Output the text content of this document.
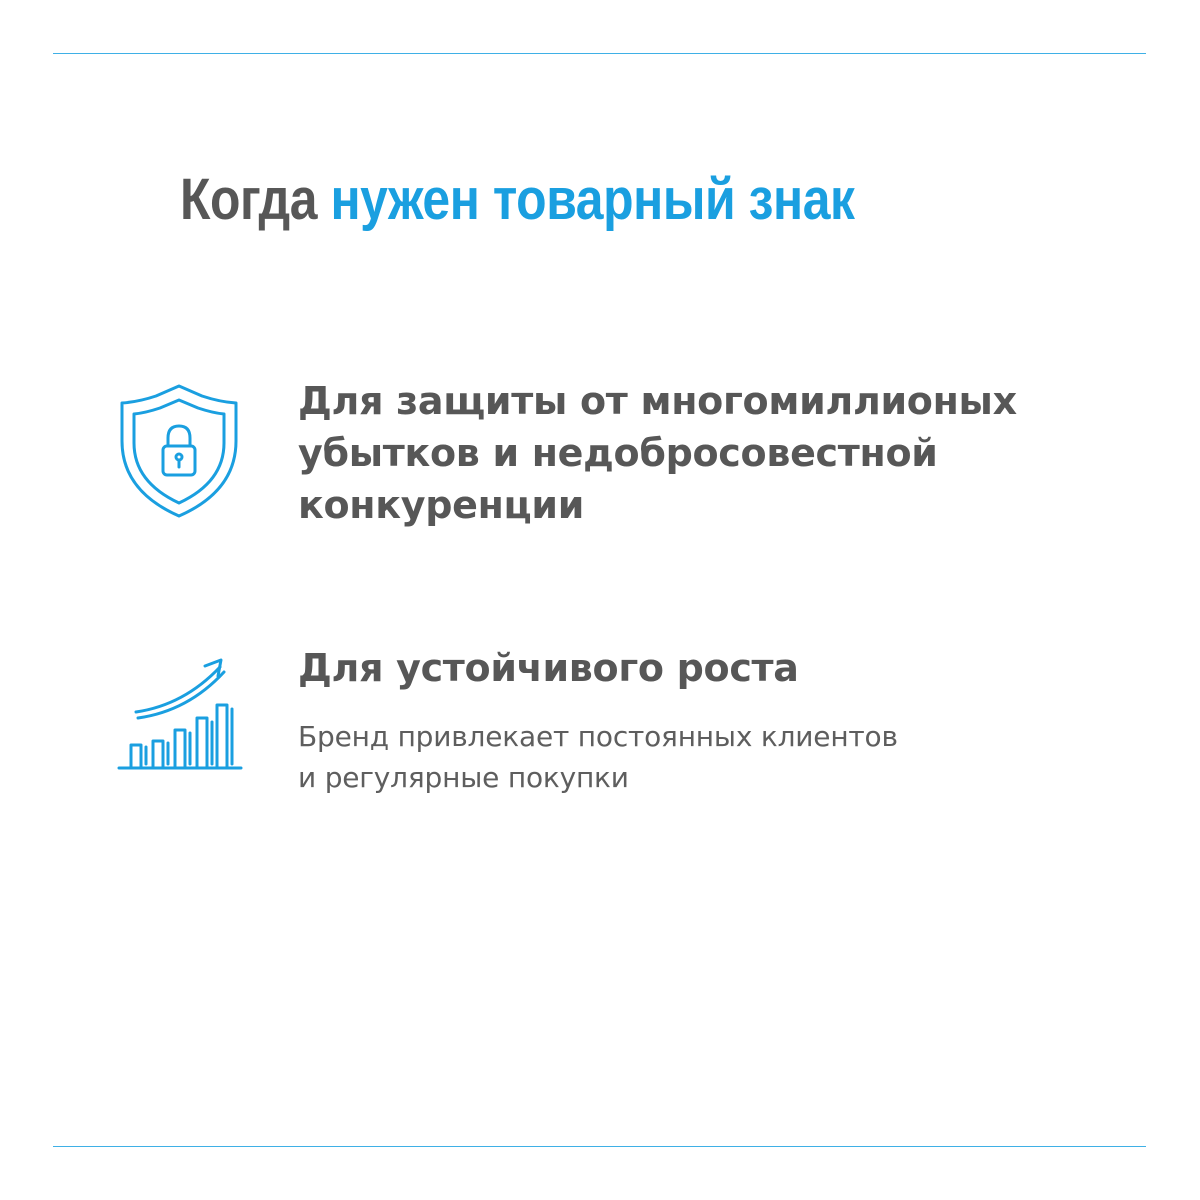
Когда нужен товарный знак

Для защиты от многомиллионых убытков и недобросовестной конкуренции

Для устойчивого роста

Бренд привлекает постоянных клиентов и регулярные покупки
